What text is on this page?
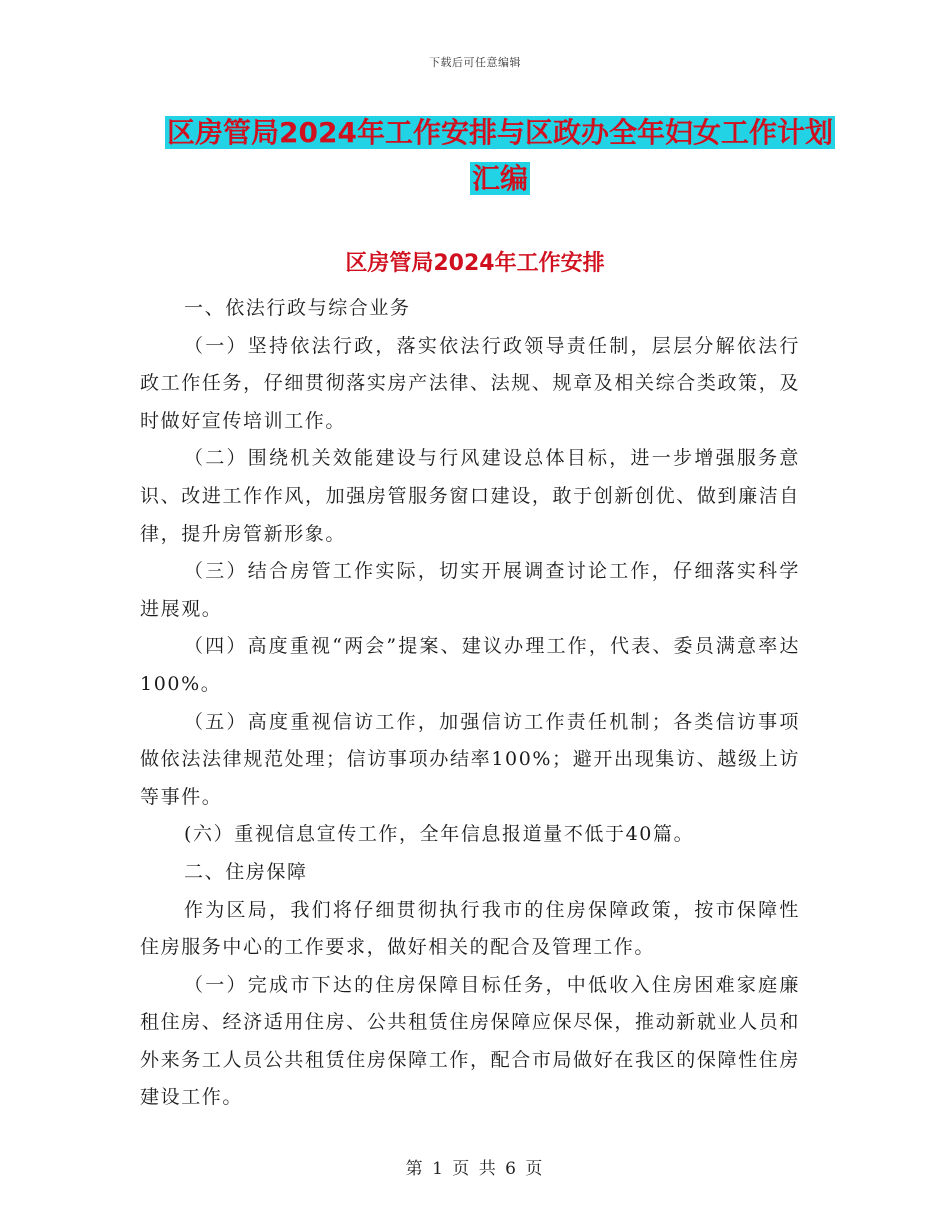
下载后可任意编辑
区房管局2024年工作安排与区政办全年妇女工作计划
汇编
区房管局2024年工作安排

一、依法行政与综合业务

（一）坚持依法行政，落实依法行政领导责任制，层层分解依法行政工作任务，仔细贯彻落实房产法律、法规、规章及相关综合类政策，及时做好宣传培训工作。

（二）围绕机关效能建设与行风建设总体目标，进一步增强服务意识、改进工作作风，加强房管服务窗口建设，敢于创新创优、做到廉洁自律，提升房管新形象。

（三）结合房管工作实际，切实开展调查讨论工作，仔细落实科学进展观。

（四）高度重视“两会”提案、建议办理工作，代表、委员满意率达100%。

（五）高度重视信访工作，加强信访工作责任机制；各类信访事项做依法法律规范处理；信访事项办结率100%；避开出现集访、越级上访等事件。

(六）重视信息宣传工作，全年信息报道量不低于40篇。

二、住房保障

作为区局，我们将仔细贯彻执行我市的住房保障政策，按市保障性住房服务中心的工作要求，做好相关的配合及管理工作。

（一）完成市下达的住房保障目标任务，中低收入住房困难家庭廉租住房、经济适用住房、公共租赁住房保障应保尽保，推动新就业人员和外来务工人员公共租赁住房保障工作，配合市局做好在我区的保障性住房建设工作。

第 1 页 共 6 页
